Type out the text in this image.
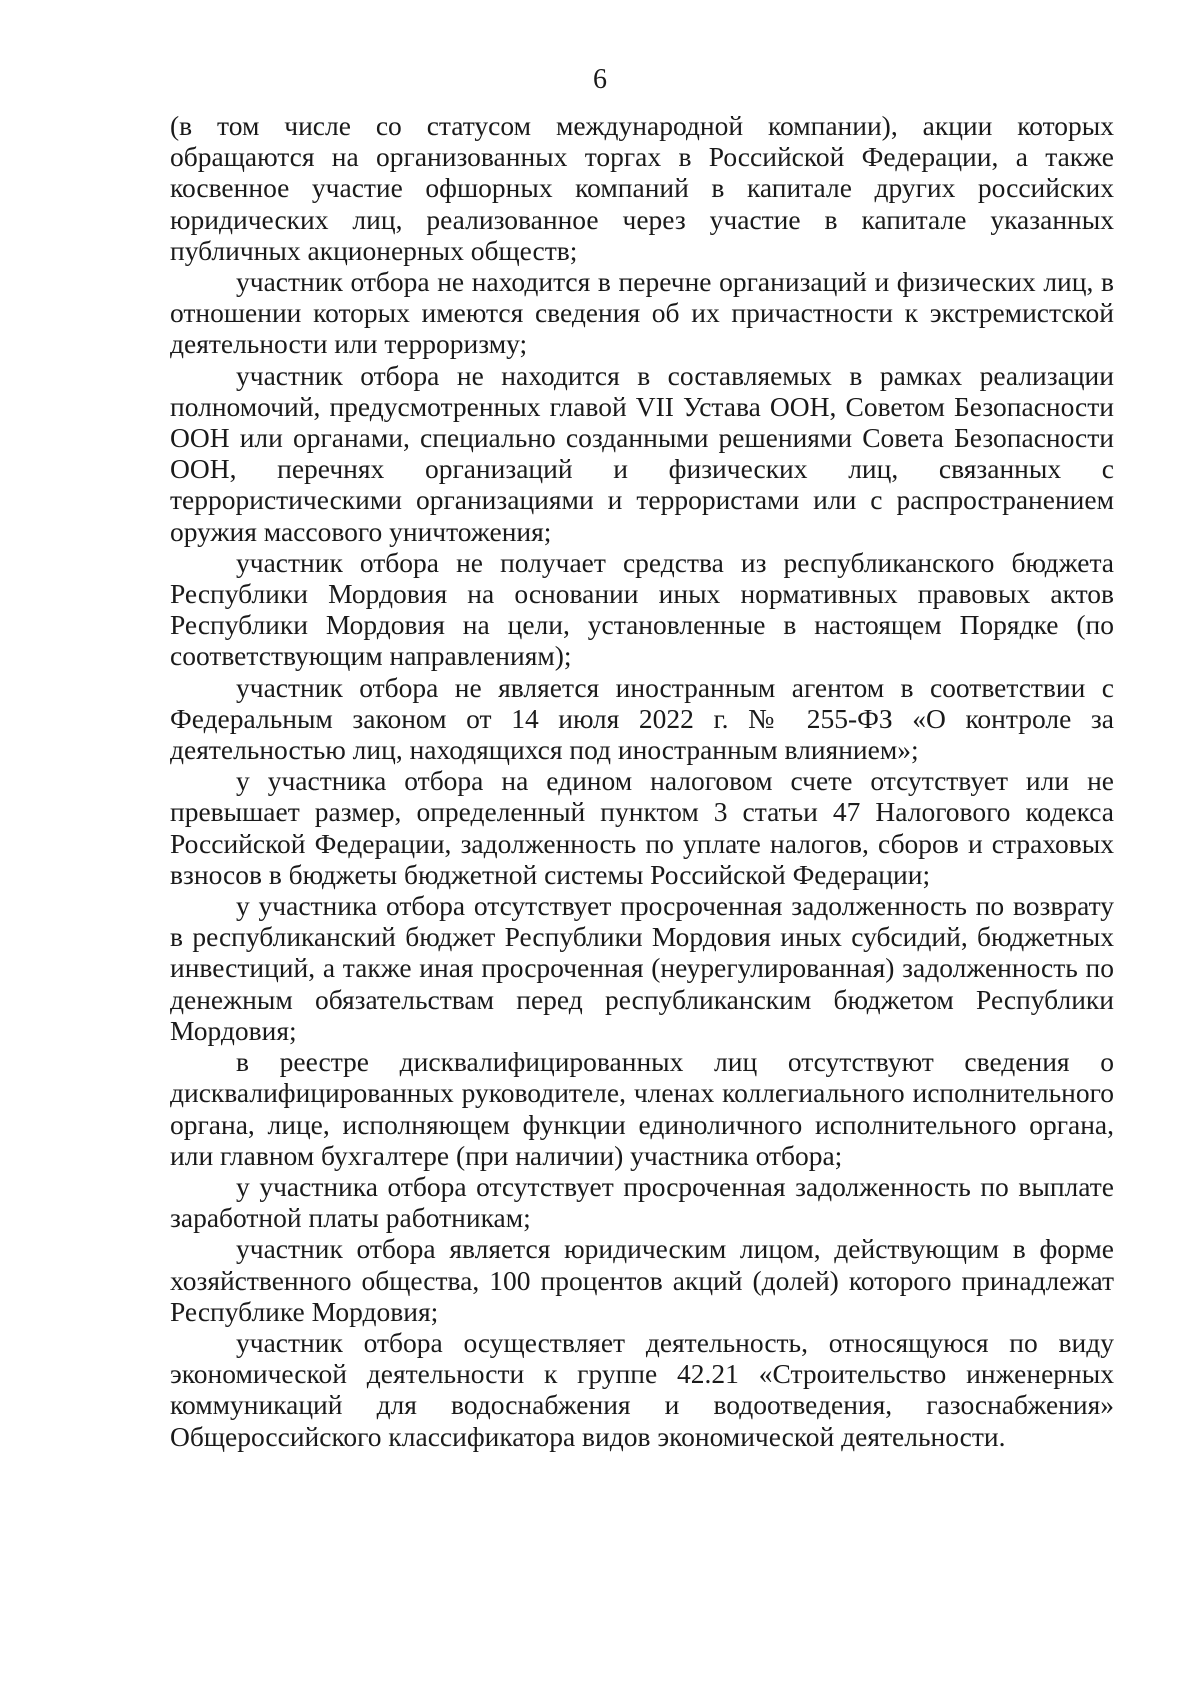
6

(в том числе со статусом международной компании), акции которых обращаются на организованных торгах в Российской Федерации, а также косвенное участие офшорных компаний в капитале других российских юридических лиц, реализованное через участие в капитале указанных публичных акционерных обществ;

участник отбора не находится в перечне организаций и физических лиц, в отношении которых имеются сведения об их причастности к экстремистской деятельности или терроризму;

участник отбора не находится в составляемых в рамках реализации полномочий, предусмотренных главой VII Устава ООН, Советом Безопасности ООН или органами, специально созданными решениями Совета Безопасности ООН, перечнях организаций и физических лиц, связанных с террористическими организациями и террористами или с распространением оружия массового уничтожения;

участник отбора не получает средства из республиканского бюджета Республики Мордовия на основании иных нормативных правовых актов Республики Мордовия на цели, установленные в настоящем Порядке (по соответствующим направлениям);

участник отбора не является иностранным агентом в соответствии с Федеральным законом от 14 июля 2022 г. № 255-ФЗ «О контроле за деятельностью лиц, находящихся под иностранным влиянием»;

у участника отбора на едином налоговом счете отсутствует или не превышает размер, определенный пунктом 3 статьи 47 Налогового кодекса Российской Федерации, задолженность по уплате налогов, сборов и страховых взносов в бюджеты бюджетной системы Российской Федерации;

у участника отбора отсутствует просроченная задолженность по возврату в республиканский бюджет Республики Мордовия иных субсидий, бюджетных инвестиций, а также иная просроченная (неурегулированная) задолженность по денежным обязательствам перед республиканским бюджетом Республики Мордовия;

в реестре дисквалифицированных лиц отсутствуют сведения о дисквалифицированных руководителе, членах коллегиального исполнительного органа, лице, исполняющем функции единоличного исполнительного органа, или главном бухгалтере (при наличии) участника отбора;

у участника отбора отсутствует просроченная задолженность по выплате заработной платы работникам;

участник отбора является юридическим лицом, действующим в форме хозяйственного общества, 100 процентов акций (долей) которого принадлежат Республике Мордовия;

участник отбора осуществляет деятельность, относящуюся по виду экономической деятельности к группе 42.21 «Строительство инженерных коммуникаций для водоснабжения и водоотведения, газоснабжения» Общероссийского классификатора видов экономической деятельности.
